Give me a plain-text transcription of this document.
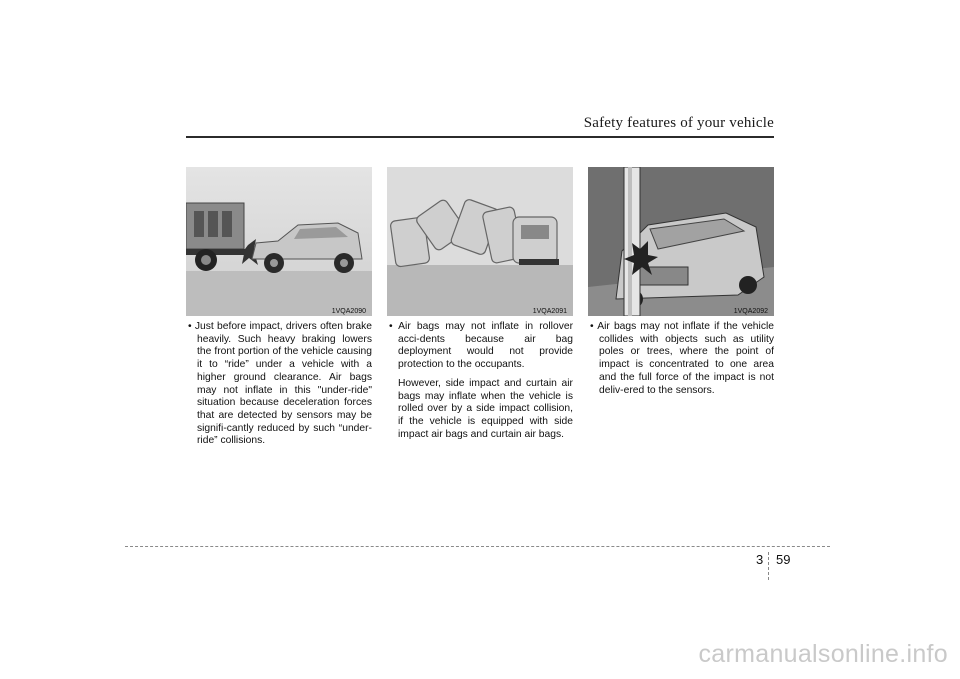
Safety features of your vehicle
1VQA2090	1VQA2091	1VQA2092

• Just before impact, drivers often brake heavily. Such heavy braking lowers the front portion of the vehicle causing it to “ride” under a vehicle with a higher ground clearance. Air bags may not inflate in this "under-ride" situation because deceleration forces that are detected by sensors may be signifi-cantly reduced by such “under-ride” collisions.

• Air bags may not inflate in rollover acci-dents because air bag deployment would not provide protection to the occupants.

However, side impact and curtain air bags may inflate when the vehicle is rolled over by a side impact collision, if the vehicle is equipped with side impact air bags and curtain air bags.

• Air bags may not inflate if the vehicle collides with objects such as utility poles or trees, where the point of impact is concentrated to one area and the full force of the impact is not deliv-ered to the sensors.

3 59
carmanualsonline.info
